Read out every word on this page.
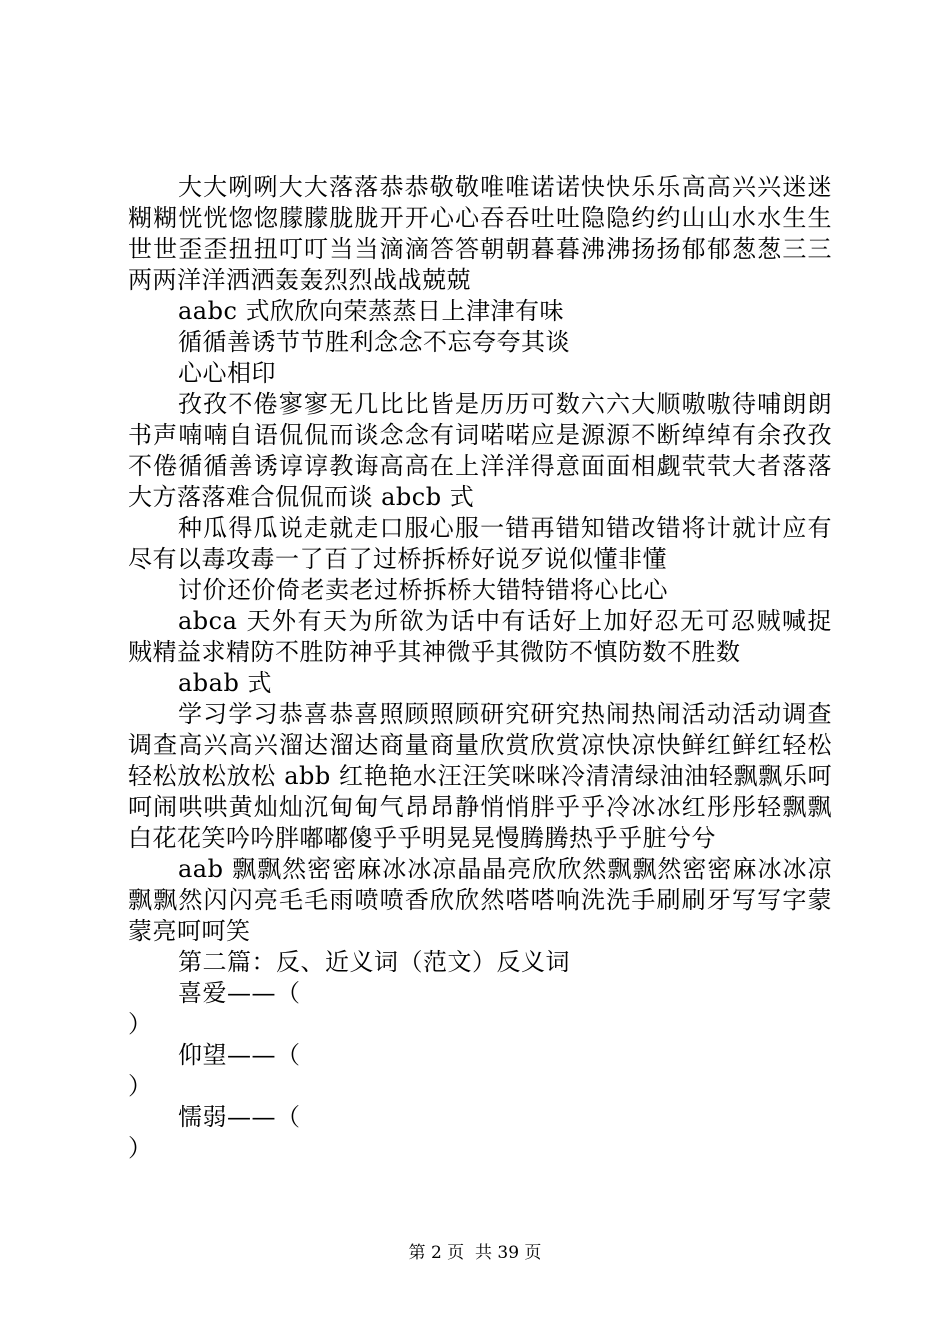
大大咧咧大大落落恭恭敬敬唯唯诺诺快快乐乐高高兴兴迷迷糊糊恍恍惚惚朦朦胧胧开开心心吞吞吐吐隐隐约约山山水水生生世世歪歪扭扭叮叮当当滴滴答答朝朝暮暮沸沸扬扬郁郁葱葱三三两两洋洋洒洒轰轰烈烈战战兢兢

aabc 式欣欣向荣蒸蒸日上津津有味

循循善诱节节胜利念念不忘夸夸其谈

心心相印

孜孜不倦寥寥无几比比皆是历历可数六六大顺嗷嗷待哺朗朗书声喃喃自语侃侃而谈念念有词喏喏应是源源不断绰绰有余孜孜不倦循循善诱谆谆教诲高高在上洋洋得意面面相觑茕茕大者落落大方落落难合侃侃而谈 abcb 式

种瓜得瓜说走就走口服心服一错再错知错改错将计就计应有尽有以毒攻毒一了百了过桥拆桥好说歹说似懂非懂

讨价还价倚老卖老过桥拆桥大错特错将心比心

abca 天外有天为所欲为话中有话好上加好忍无可忍贼喊捉贼精益求精防不胜防神乎其神微乎其微防不慎防数不胜数

abab 式

学习学习恭喜恭喜照顾照顾研究研究热闹热闹活动活动调查调查高兴高兴溜达溜达商量商量欣赏欣赏凉快凉快鲜红鲜红轻松轻松放松放松 abb 红艳艳水汪汪笑咪咪冷清清绿油油轻飘飘乐呵呵闹哄哄黄灿灿沉甸甸气昂昂静悄悄胖乎乎冷冰冰红彤彤轻飘飘白花花笑吟吟胖嘟嘟傻乎乎明晃晃慢腾腾热乎乎脏兮兮

aab 飘飘然密密麻冰冰凉晶晶亮欣欣然飘飘然密密麻冰冰凉飘飘然闪闪亮毛毛雨喷喷香欣欣然嗒嗒响洗洗手刷刷牙写写字蒙蒙亮呵呵笑

第二篇：反、近义词（范文）反义词

喜爱——（

）

仰望——（

）

懦弱——（

）

第 2 页 共 39 页
